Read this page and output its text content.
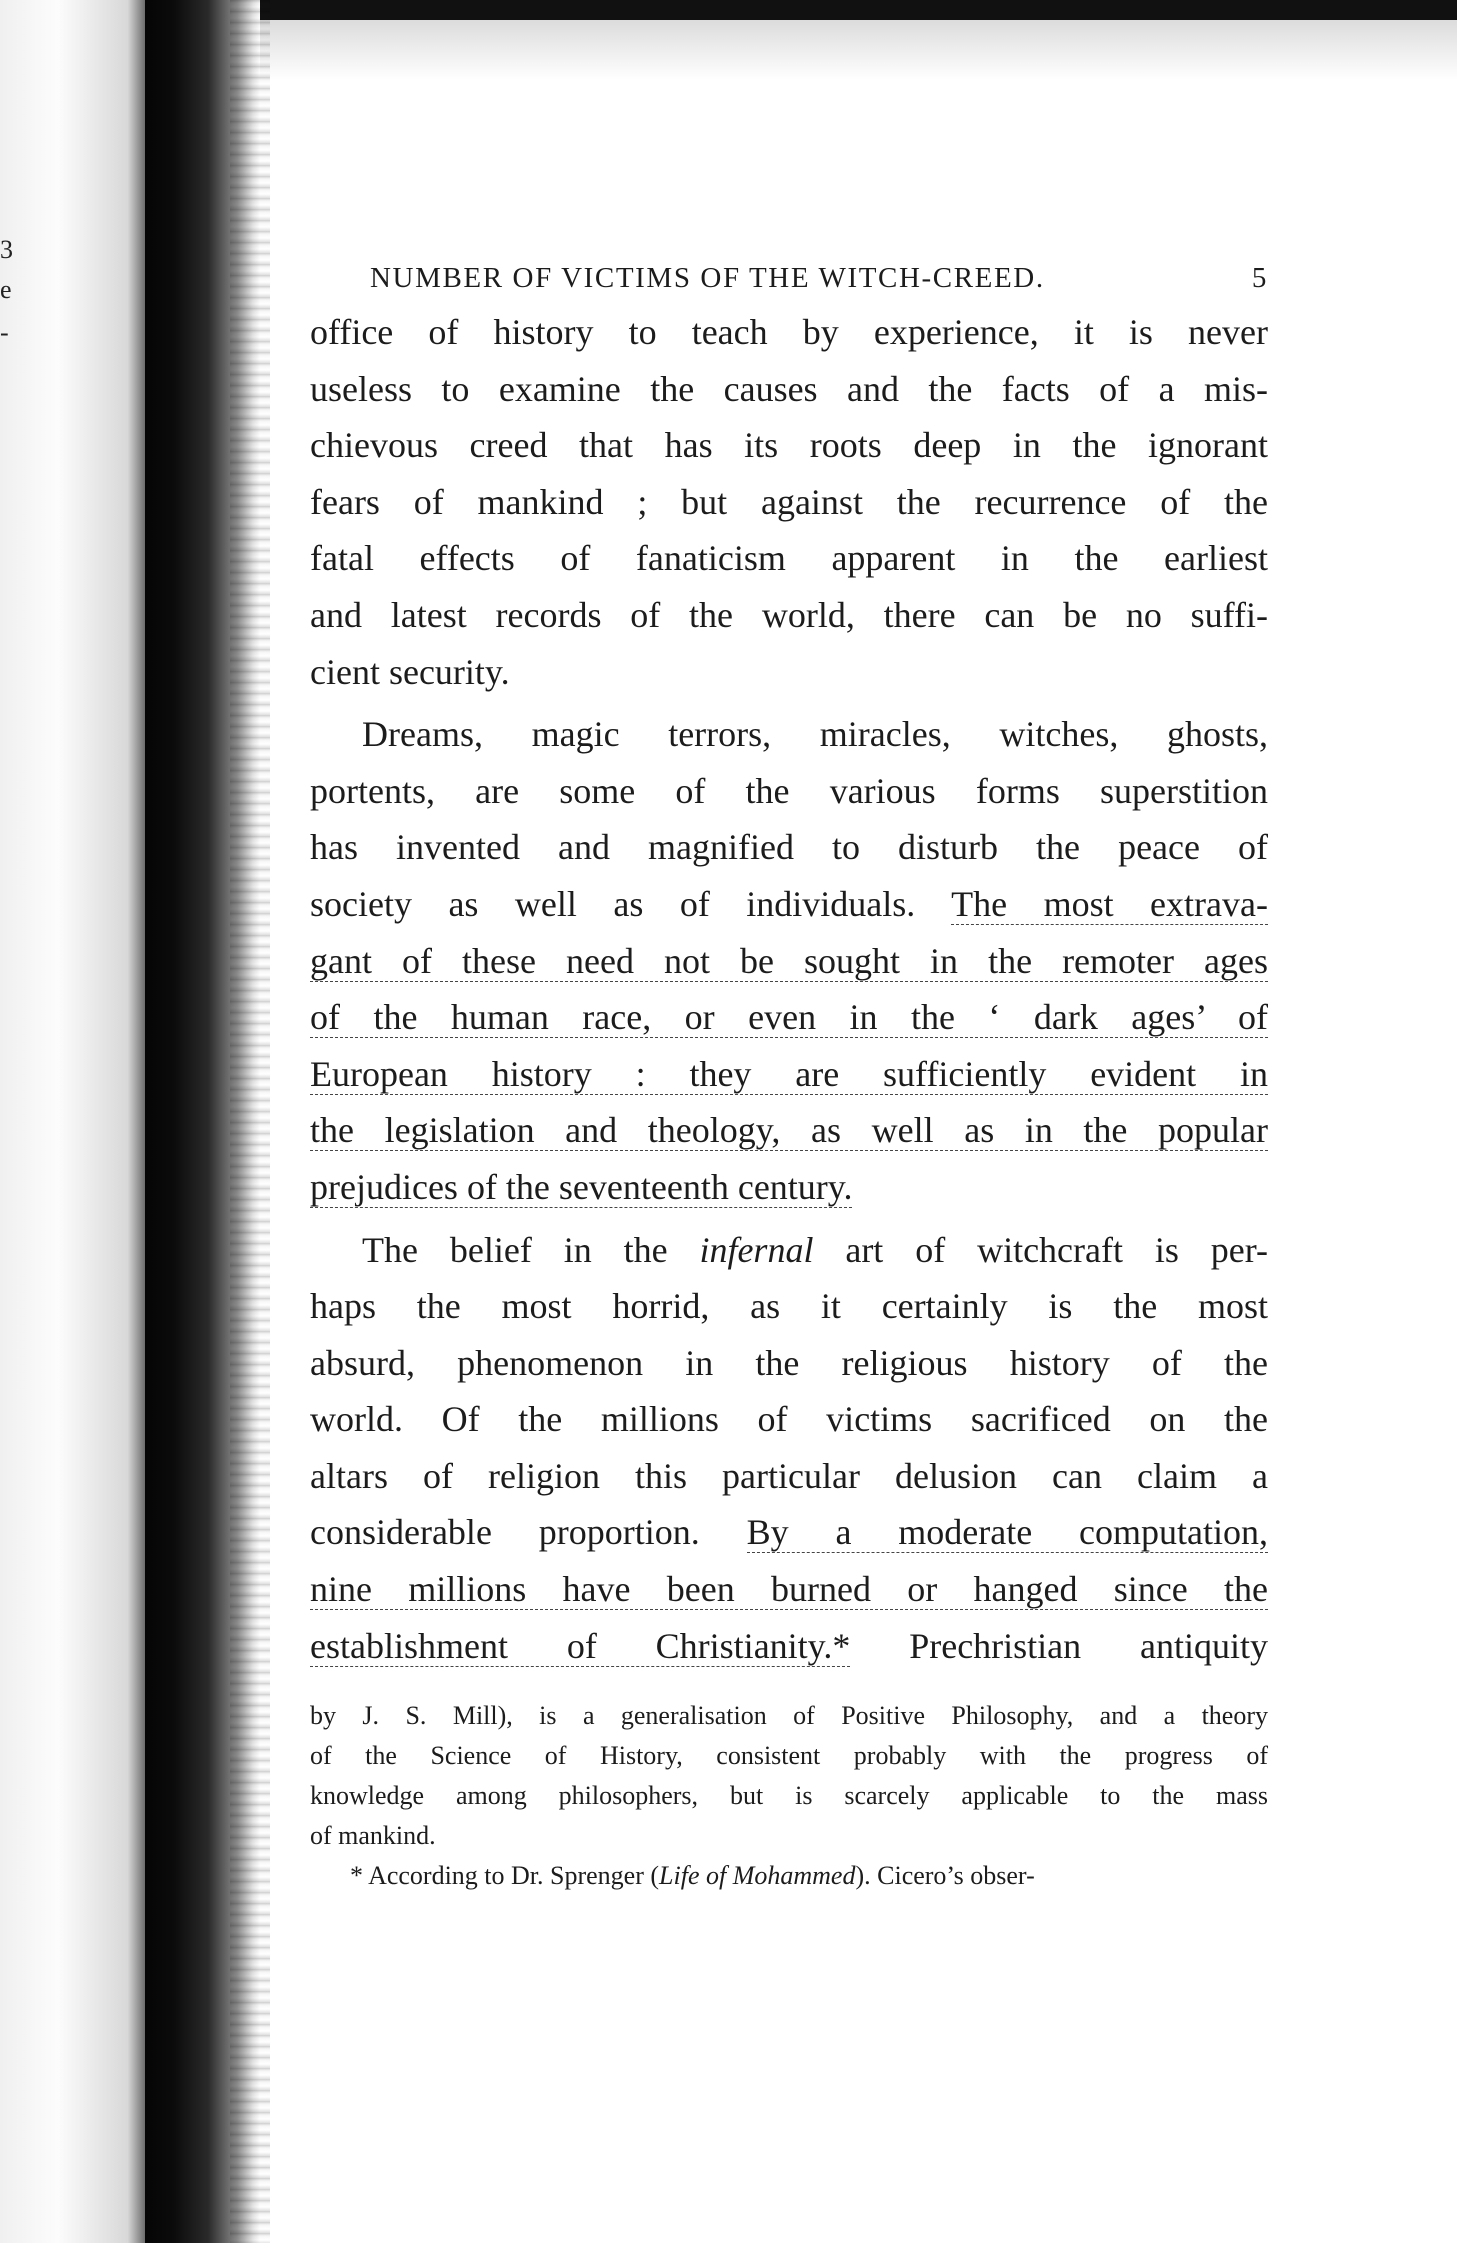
3
e
-
NUMBER OF VICTIMS OF THE WITCH-CREED.	5

office of history to teach by experience, it is never
useless to examine the causes and the facts of a mis-
chievous creed that has its roots deep in the ignorant
fears of mankind ; but against the recurrence of the
fatal effects of fanaticism apparent in the earliest
and latest records of the world, there can be no suffi-
cient security.

Dreams, magic terrors, miracles, witches, ghosts,
portents, are some of the various forms superstition
has invented and magnified to disturb the peace of
society as well as of individuals. The most extrava-
gant of these need not be sought in the remoter ages
of the human race, or even in the ‘ dark ages’ of
European history : they are sufficiently evident in
the legislation and theology, as well as in the popular
prejudices of the seventeenth century.

The belief in the infernal art of witchcraft is per-
haps the most horrid, as it certainly is the most
absurd, phenomenon in the religious history of the
world. Of the millions of victims sacrificed on the
altars of religion this particular delusion can claim a
considerable proportion. By a moderate computation,
nine millions have been burned or hanged since the
establishment of Christianity.* Prechristian antiquity

by J. S. Mill), is a generalisation of Positive Philosophy, and a theory
of the Science of History, consistent probably with the progress of
knowledge among philosophers, but is scarcely applicable to the mass
of mankind.
* According to Dr. Sprenger (Life of Mohammed). Cicero’s obser-
